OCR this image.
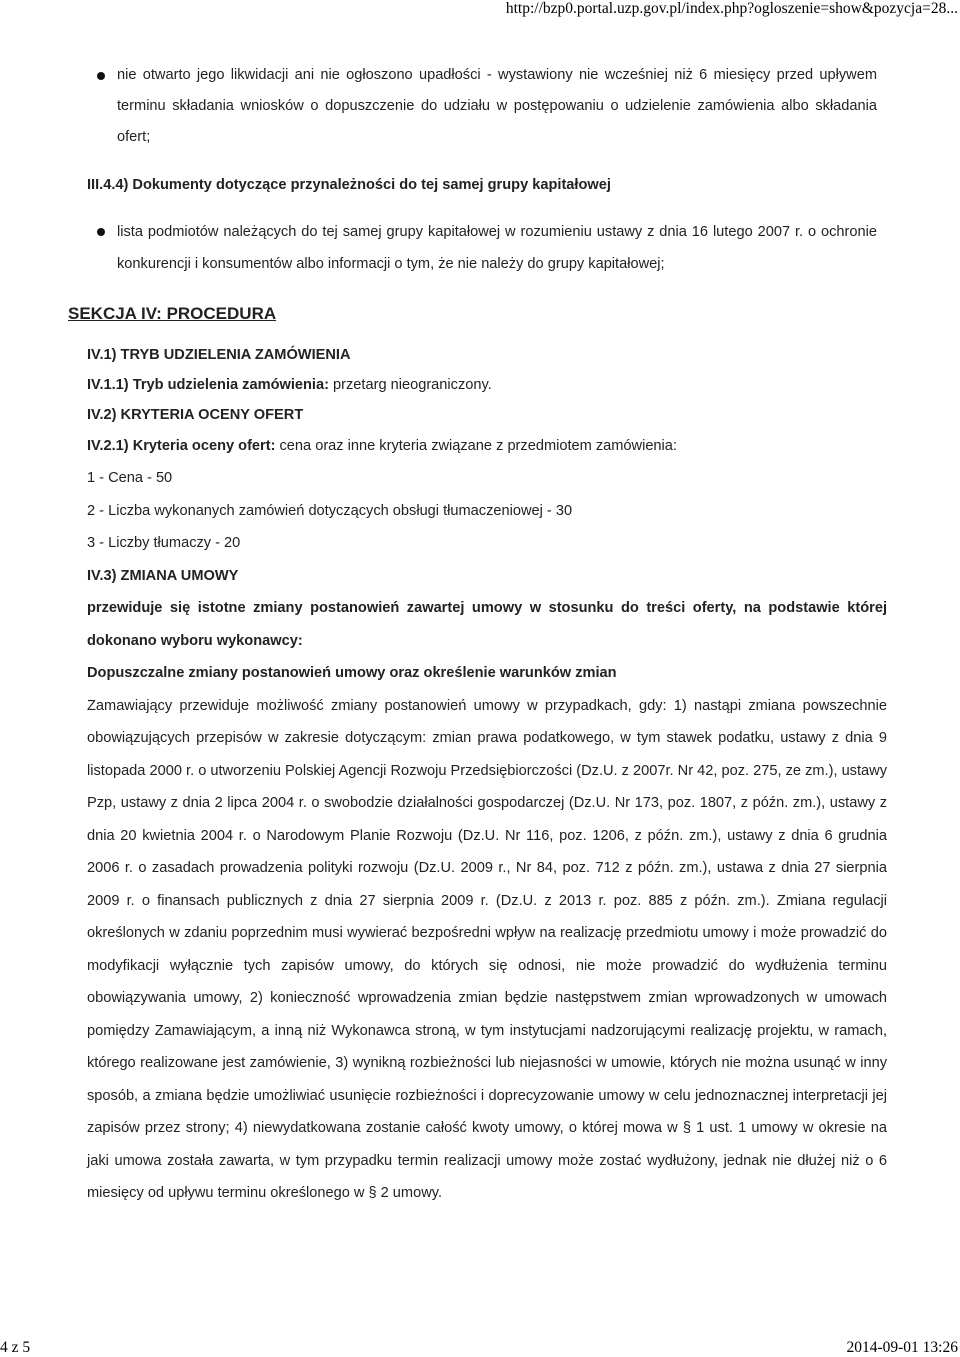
http://bzp0.portal.uzp.gov.pl/index.php?ogloszenie=show&pozycja=28...
nie otwarto jego likwidacji ani nie ogłoszono upadłości - wystawiony nie wcześniej niż 6 miesięcy przed upływem terminu składania wniosków o dopuszczenie do udziału w postępowaniu o udzielenie zamówienia albo składania ofert;
III.4.4) Dokumenty dotyczące przynależności do tej samej grupy kapitałowej
lista podmiotów należących do tej samej grupy kapitałowej w rozumieniu ustawy z dnia 16 lutego 2007 r. o ochronie konkurencji i konsumentów albo informacji o tym, że nie należy do grupy kapitałowej;
SEKCJA IV: PROCEDURA
IV.1) TRYB UDZIELENIA ZAMÓWIENIA
IV.1.1) Tryb udzielenia zamówienia: przetarg nieograniczony.
IV.2) KRYTERIA OCENY OFERT
IV.2.1) Kryteria oceny ofert: cena oraz inne kryteria związane z przedmiotem zamówienia:
1 - Cena - 50
2 - Liczba wykonanych zamówień dotyczących obsługi tłumaczeniowej - 30
3 - Liczby tłumaczy - 20
IV.3) ZMIANA UMOWY
przewiduje się istotne zmiany postanowień zawartej umowy w stosunku do treści oferty, na podstawie której dokonano wyboru wykonawcy:
Dopuszczalne zmiany postanowień umowy oraz określenie warunków zmian
Zamawiający przewiduje możliwość zmiany postanowień umowy w przypadkach, gdy: 1) nastąpi zmiana powszechnie obowiązujących przepisów w zakresie dotyczącym: zmian prawa podatkowego, w tym stawek podatku, ustawy z dnia 9 listopada 2000 r. o utworzeniu Polskiej Agencji Rozwoju Przedsiębiorczości (Dz.U. z 2007r. Nr 42, poz. 275, ze zm.), ustawy Pzp, ustawy z dnia 2 lipca 2004 r. o swobodzie działalności gospodarczej (Dz.U. Nr 173, poz. 1807, z późn. zm.), ustawy z dnia 20 kwietnia 2004 r. o Narodowym Planie Rozwoju (Dz.U. Nr 116, poz. 1206, z późn. zm.), ustawy z dnia 6 grudnia 2006 r. o zasadach prowadzenia polityki rozwoju (Dz.U. 2009 r., Nr 84, poz. 712 z późn. zm.), ustawa z dnia 27 sierpnia 2009 r. o finansach publicznych z dnia 27 sierpnia 2009 r. (Dz.U. z 2013 r. poz. 885 z późn. zm.). Zmiana regulacji określonych w zdaniu poprzednim musi wywierać bezpośredni wpływ na realizację przedmiotu umowy i może prowadzić do modyfikacji wyłącznie tych zapisów umowy, do których się odnosi, nie może prowadzić do wydłużenia terminu obowiązywania umowy, 2) konieczność wprowadzenia zmian będzie następstwem zmian wprowadzonych w umowach pomiędzy Zamawiającym, a inną niż Wykonawca stroną, w tym instytucjami nadzorującymi realizację projektu, w ramach, którego realizowane jest zamówienie, 3) wynikną rozbieżności lub niejasności w umowie, których nie można usunąć w inny sposób, a zmiana będzie umożliwiać usunięcie rozbieżności i doprecyzowanie umowy w celu jednoznacznej interpretacji jej zapisów przez strony; 4) niewydatkowana zostanie całość kwoty umowy, o której mowa w § 1 ust. 1 umowy w okresie na jaki umowa została zawarta, w tym przypadku termin realizacji umowy może zostać wydłużony, jednak nie dłużej niż o 6 miesięcy od upływu terminu określonego w § 2 umowy.
4 z 5	2014-09-01 13:26
